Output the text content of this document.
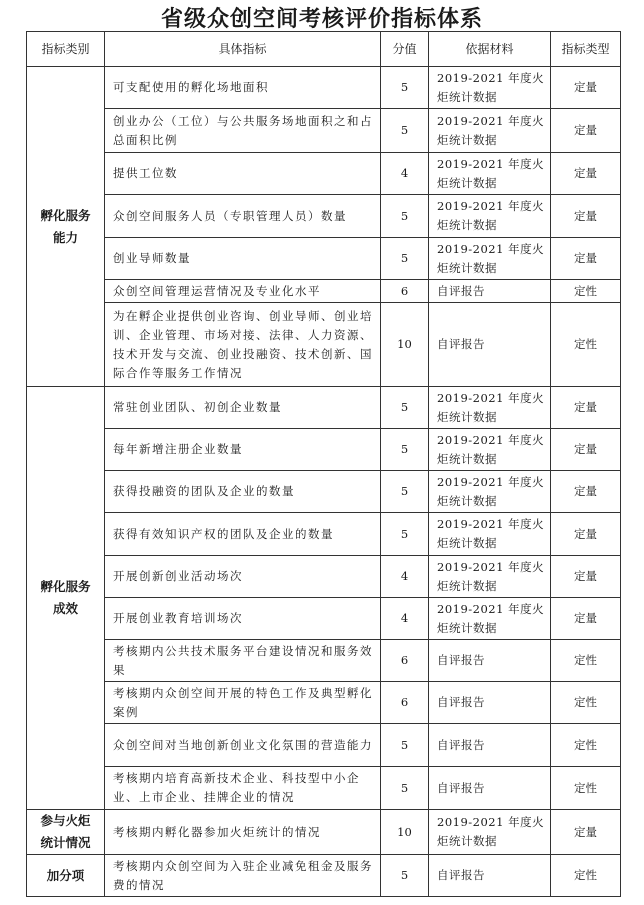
省级众创空间考核评价指标体系
指标类别	具体指标	分值	依据材料	指标类型
孵化服务能力	可支配使用的孵化场地面积	5	2019-2021 年度火炬统计数据	定量
	创业办公（工位）与公共服务场地面积之和占总面积比例	5	2019-2021 年度火炬统计数据	定量
	提供工位数	4	2019-2021 年度火炬统计数据	定量
	众创空间服务人员（专职管理人员）数量	5	2019-2021 年度火炬统计数据	定量
	创业导师数量	5	2019-2021 年度火炬统计数据	定量
	众创空间管理运营情况及专业化水平	6	自评报告	定性
	为在孵企业提供创业咨询、创业导师、创业培训、企业管理、市场对接、法律、人力资源、技术开发与交流、创业投融资、技术创新、国际合作等服务工作情况	10	自评报告	定性
孵化服务成效	常驻创业团队、初创企业数量	5	2019-2021 年度火炬统计数据	定量
	每年新增注册企业数量	5	2019-2021 年度火炬统计数据	定量
	获得投融资的团队及企业的数量	5	2019-2021 年度火炬统计数据	定量
	获得有效知识产权的团队及企业的数量	5	2019-2021 年度火炬统计数据	定量
	开展创新创业活动场次	4	2019-2021 年度火炬统计数据	定量
	开展创业教育培训场次	4	2019-2021 年度火炬统计数据	定量
	考核期内公共技术服务平台建设情况和服务效果	6	自评报告	定性
	考核期内众创空间开展的特色工作及典型孵化案例	6	自评报告	定性
	众创空间对当地创新创业文化氛围的营造能力	5	自评报告	定性
	考核期内培育高新技术企业、科技型中小企业、上市企业、挂牌企业的情况	5	自评报告	定性
参与火炬统计情况	考核期内孵化器参加火炬统计的情况	10	2019-2021 年度火炬统计数据	定量
加分项	考核期内众创空间为入驻企业减免租金及服务费的情况	5	自评报告	定性
